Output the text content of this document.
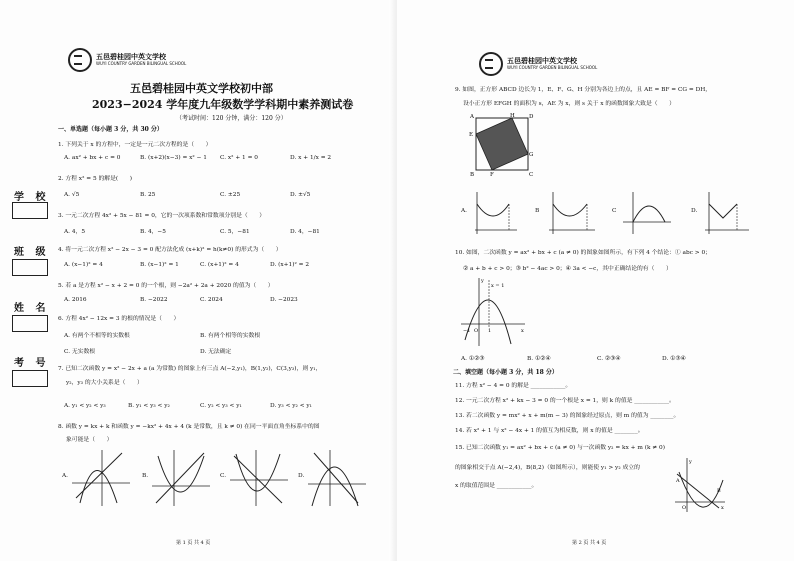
五邑碧桂园中英文学校
WUYI COUNTRY GARDEN BILINGUAL SCHOOL
五邑碧桂园中英文学校初中部
2023−2024 学年度九年级数学学科期中素养测试卷
（考试时间：120 分钟，满分：120 分）
学 校
班 级
姓 名
考 号
一、单选题（每小题 3 分，共 30 分）
1. 下列关于 x 的方程中，一定是一元二次方程的是（　　）
A. ax² + bx + c = 0	B. (x+2)(x−3) = x² − 1 C. x² + 1 = 0	D. x + 1/x = 2
2. 方程 x² = 5 的解是(　　)
A. √5	B. 25	C. ±25	D. ±√5
3. 一元二次方程 4x² + 5x − 81 = 0，它的一次项系数和常数项分别是（　　）
A. 4，5	B. 4，−5	C. 5，−81	D. 4，−81
4. 将一元二次方程 x² − 2x − 3 = 0 配方法化成 (x+k)² = h(k≠0) 的形式为（　　）
A. (x−1)² = 4	B. (x−1)² = 1	C. (x+1)² = 4	D. (x+1)² = 2
5. 若 a 是方程 x² − x + 2 = 0 的一个根，则 −2a² + 2a + 2020 的值为（　　）
A. 2016	B. −2022	C. 2024	D. −2023
6. 方程 4x² − 12x = 3 的根的情况是（　　）
A. 有两个不相等的实数根	B. 有两个相等的实数根
C. 无实数根	D. 无法确定
7. 已知二次函数 y = x² − 2x + a (a 为常数) 的图象上有三点 A(−2,y₁)，B(1,y₂)，C(3,y₃)，则 y₁，
y₂，y₃ 的大小关系是（　　）
A. y₁ < y₂ < y₃	B. y₁ < y₃ < y₂	C. y₂ < y₃ < y₁	D. y₃ < y₂ < y₁
8. 函数 y = kx + k 和函数 y = −kx² + 4x + 4 (k 是常数，且 k ≠ 0) 在同一平面直角坐标系中的图
象可能是（　　）
A.	B.	C.	D.
第 1 页 共 4 页
五邑碧桂园中英文学校
WUYI COUNTRY GARDEN BILINGUAL SCHOOL
9. 如图，正方形 ABCD 边长为 1，E、F、G、H 分别为各边上的点，且 AE = BF = CG = DH，
设小正方形 EFGH 的面积为 s，AE 为 x，则 s 关于 x 的函数图象大致是（　　）
A	H	D
E
G
B	F	C
A.	B	C	D.
10. 如图，二次函数 y = ax² + bx + c (a ≠ 0) 的图象如图所示，有下列 4 个结论：① abc > 0；
② a + b + c > 0；③ b² − 4ac > 0；④ 3a < −c，其中正确结论的有（　　）
y
x = 1
−1 O 1	x
A. ①②③	B. ①②④	C. ②③④	D. ①③④
二、填空题（每小题 3 分，共 18 分）
11. 方程 x² − 4 = 0 的解是 ____________。
12. 一元二次方程 x² + kx − 3 = 0 的一个根是 x = 1，则 k 的值是 ____________。
13. 若二次函数 y = mx² + x + m(m − 3) 的图象经过原点，则 m 的值为 ________。
14. 若 x² + 1 与 x² − 4x + 1 的值互为相反数，则 x 的值是 ________。
15. 已知二次函数 y₁ = ax² + bx + c (a ≠ 0) 与一次函数 y₂ = kx + m (k ≠ 0)
的图象相交于点 A(−2,4)，B(8,2)（如图所示），则能使 y₁ > y₂ 成立的
x 的取值范围是 ____________。
y
A
B
O	x
第 2 页 共 4 页
